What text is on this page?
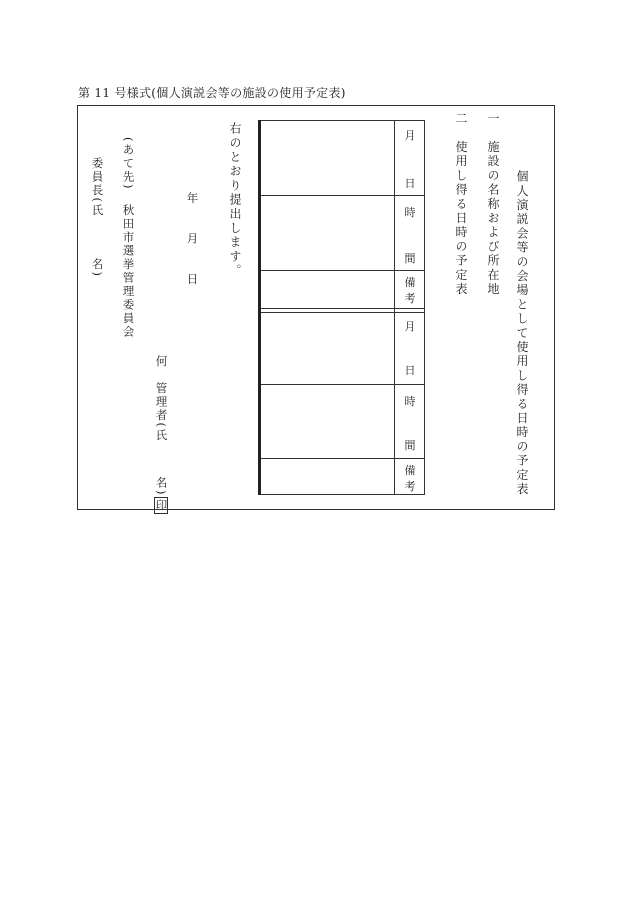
第 11 号様式(個人演説会等の施設の使用予定表)
個人演説会等の会場として使用し得る日時の予定表
一　施設の名称および所在地
二　使用し得る日時の予定表
月
日
時
間
備
考
月
日
時
間
備
考
右のとおり提出します。
年　　月　　日
何　管理者(氏名)印
(あて先)　秋田市選挙管理委員会
委員長(氏　　　名)
